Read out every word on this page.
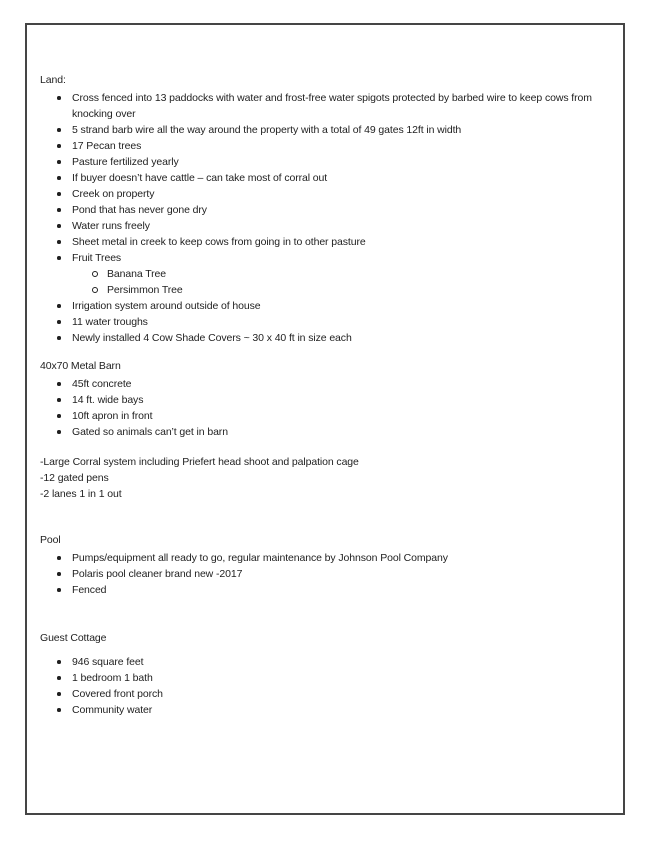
Land:
Cross fenced into 13 paddocks with water and frost-free water spigots protected by barbed wire to keep cows from knocking over
5 strand barb wire all the way around the property with a total of 49 gates 12ft in width
17 Pecan trees
Pasture fertilized yearly
If buyer doesn’t have cattle – can take most of corral out
Creek on property
Pond that has never gone dry
Water runs freely
Sheet metal in creek to keep cows from going in to other pasture
Fruit Trees
Banana Tree
Persimmon Tree
Irrigation system around outside of house
11 water troughs
Newly installed 4 Cow Shade Covers ~ 30 x 40 ft in size each
40x70 Metal Barn
45ft concrete
14 ft. wide bays
10ft apron in front
Gated so animals can’t get in barn
-Large Corral system including Priefert head shoot and palpation cage
-12 gated pens
-2 lanes 1 in 1 out
Pool
Pumps/equipment all ready to go, regular maintenance by Johnson Pool Company
Polaris pool cleaner brand new -2017
Fenced
Guest Cottage
946 square feet
1 bedroom 1 bath
Covered front porch
Community water
